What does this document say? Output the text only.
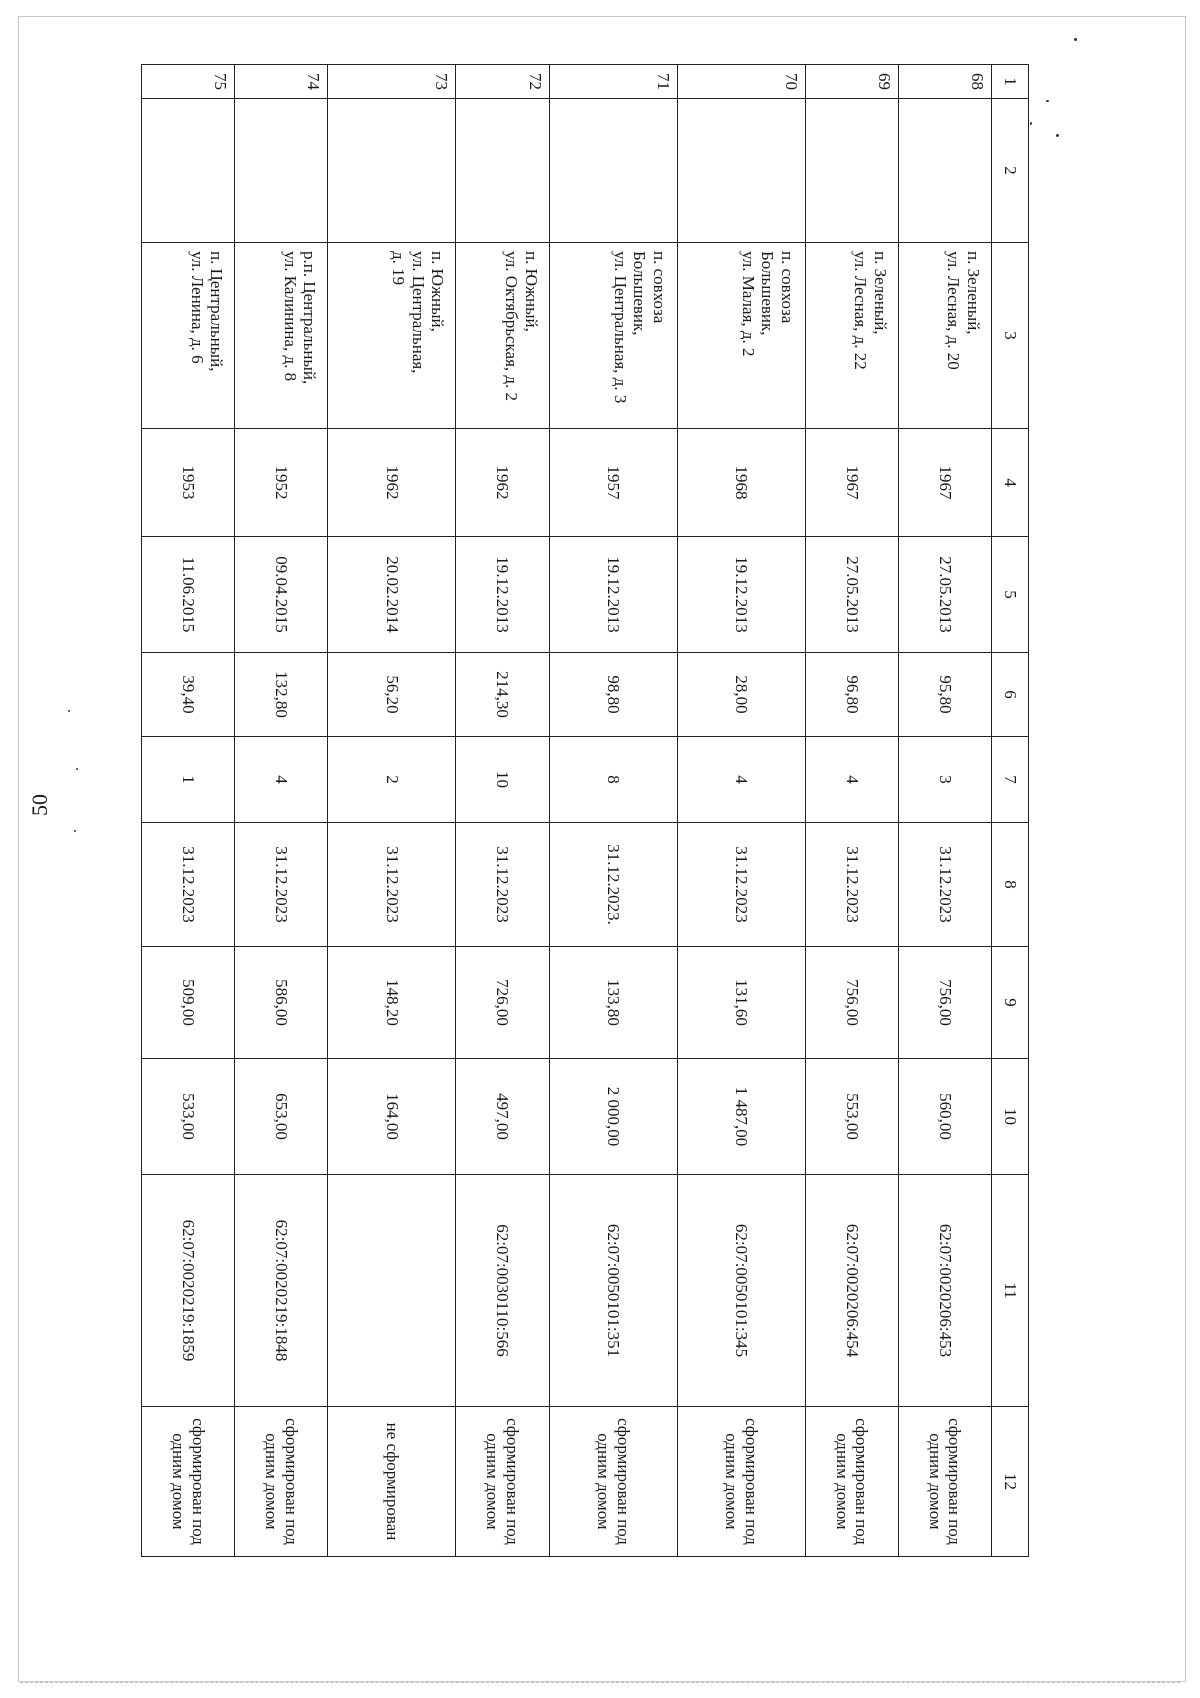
50
1	2	3	4	5	6	7	8	9	10	11	12
68		п. Зеленый,
ул. Лесная, д. 20	1967	27.05.2013	95,80	3	31.12.2023	756,00	560,00	62:07:0020206:453	сформирован под одним домом
69		п. Зеленый,
ул. Лесная, д. 22	1967	27.05.2013	96,80	4	31.12.2023	756,00	553,00	62:07:0020206:454	сформирован под одним домом
70		п. совхоза
Большевик,
ул. Малая, д. 2	1968	19.12.2013	28,00	4	31.12.2023	131,60	1 487,00	62:07:0050101:345	сформирован под одним домом
71		п. совхоза
Большевик,
ул. Центральная, д. 3	1957	19.12.2013	98,80	8	31.12.2023.	133,80	2 000,00	62:07:0050101:351	сформирован под одним домом
72		п. Южный,
ул. Октябрьская, д. 2	1962	19.12.2013	214,30	10	31.12.2023	726,00	497,00	62:07:0030110:566	сформирован под одним домом
73		п. Южный,
ул. Центральная,
д. 19	1962	20.02.2014	56,20	2	31.12.2023	148,20	164,00		не сформирован
74		р.п. Центральный,
ул. Калинина, д. 8	1952	09.04.2015	132,80	4	31.12.2023	586,00	653,00	62:07:0020219:1848	сформирован под одним домом
75		п. Центральный,
ул. Ленина, д. 6	1953	11.06.2015	39,40	1	31.12.2023	509,00	533,00	62:07:0020219:1859	сформирован под одним домом
